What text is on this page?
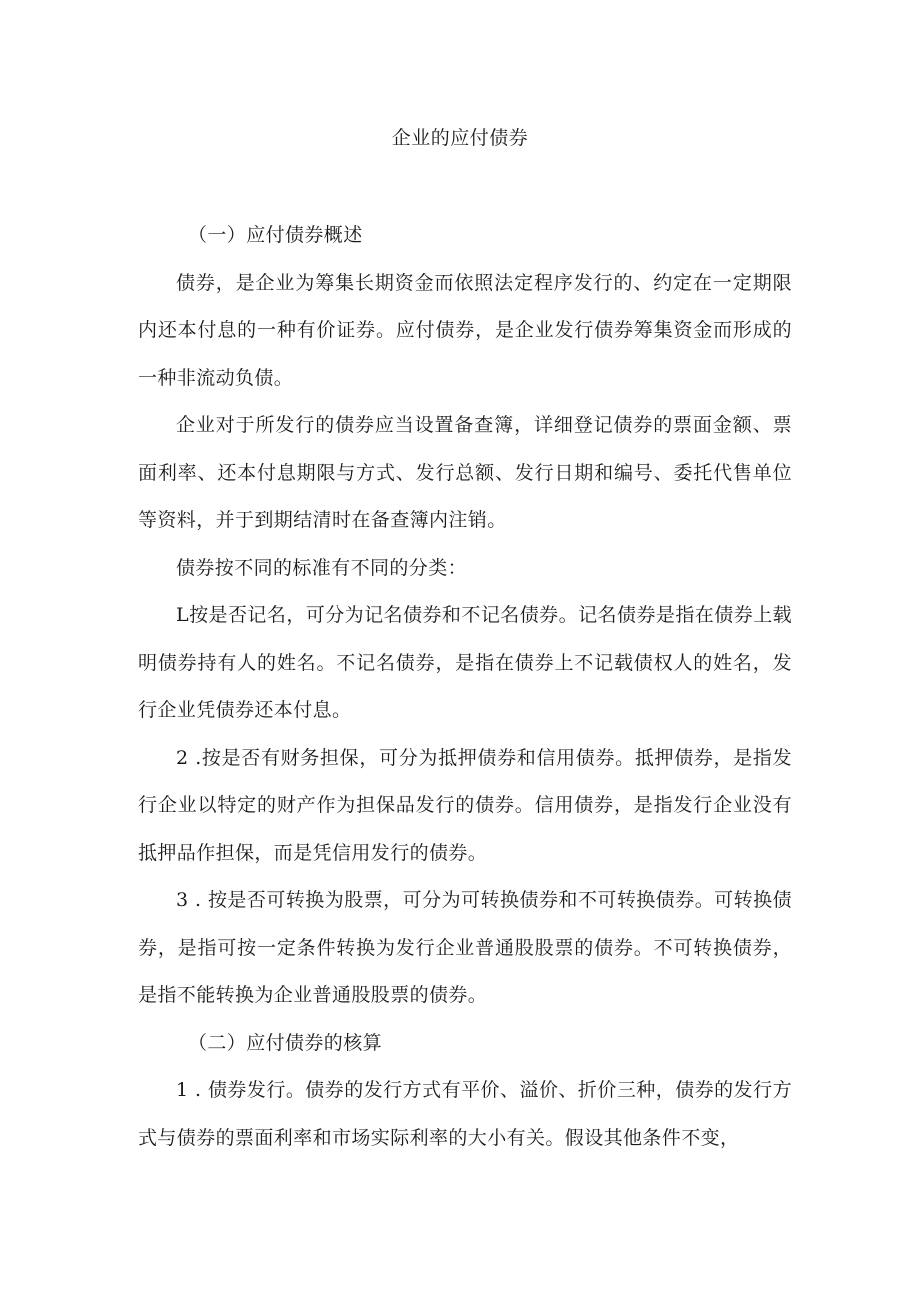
企业的应付债券

（一）应付债券概述

债券，是企业为筹集长期资金而依照法定程序发行的、约定在一定期限内还本付息的一种有价证券。应付债券，是企业发行债券筹集资金而形成的一种非流动负债。

企业对于所发行的债券应当设置备查簿，详细登记债券的票面金额、票面利率、还本付息期限与方式、发行总额、发行日期和编号、委托代售单位等资料，并于到期结清时在备查簿内注销。

债券按不同的标准有不同的分类：

L按是否记名，可分为记名债券和不记名债券。记名债券是指在债券上载明债券持有人的姓名。不记名债券，是指在债券上不记载债权人的姓名，发行企业凭债券还本付息。

2 .按是否有财务担保，可分为抵押债券和信用债券。抵押债券，是指发行企业以特定的财产作为担保品发行的债券。信用债券，是指发行企业没有抵押品作担保，而是凭信用发行的债券。

3 . 按是否可转换为股票，可分为可转换债券和不可转换债券。可转换债券，是指可按一定条件转换为发行企业普通股股票的债券。不可转换债券，是指不能转换为企业普通股股票的债券。

（二）应付债券的核算

1 . 债券发行。债券的发行方式有平价、溢价、折价三种，债券的发行方式与债券的票面利率和市场实际利率的大小有关。假设其他条件不变，
